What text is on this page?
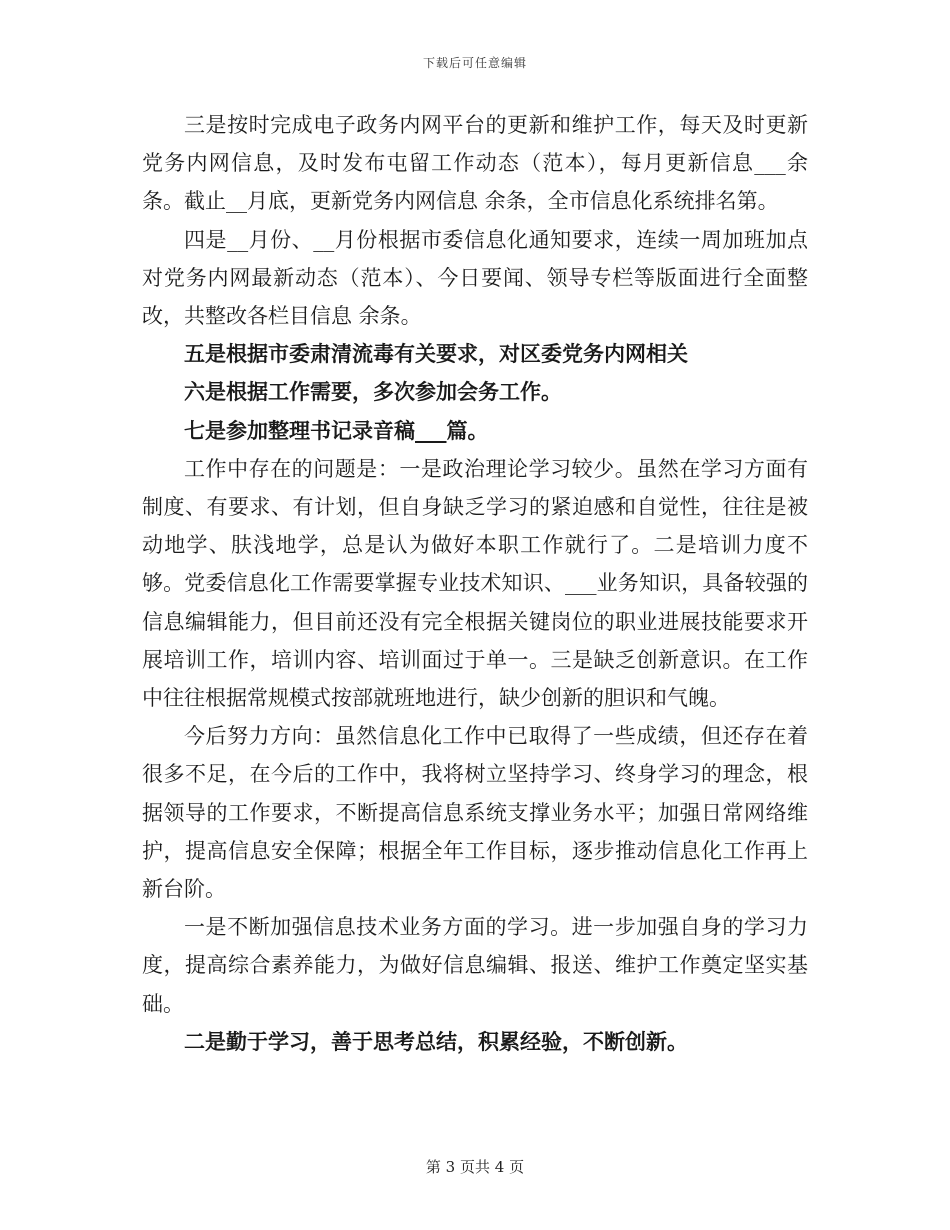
下载后可任意编辑

三是按时完成电子政务内网平台的更新和维护工作，每天及时更新党务内网信息，及时发布屯留工作动态（范本），每月更新信息___余条。截止__月底，更新党务内网信息 余条，全市信息化系统排名第。

四是__月份、__月份根据市委信息化通知要求，连续一周加班加点对党务内网最新动态（范本）、今日要闻、领导专栏等版面进行全面整改，共整改各栏目信息 余条。

五是根据市委肃清流毒有关要求，对区委党务内网相关

六是根据工作需要，多次参加会务工作。

七是参加整理书记录音稿___篇。

工作中存在的问题是：一是政治理论学习较少。虽然在学习方面有制度、有要求、有计划，但自身缺乏学习的紧迫感和自觉性，往往是被动地学、肤浅地学，总是认为做好本职工作就行了。二是培训力度不够。党委信息化工作需要掌握专业技术知识、___业务知识，具备较强的信息编辑能力，但目前还没有完全根据关键岗位的职业进展技能要求开展培训工作，培训内容、培训面过于单一。三是缺乏创新意识。在工作中往往根据常规模式按部就班地进行，缺少创新的胆识和气魄。

今后努力方向：虽然信息化工作中已取得了一些成绩，但还存在着很多不足，在今后的工作中，我将树立坚持学习、终身学习的理念，根据领导的工作要求，不断提高信息系统支撑业务水平；加强日常网络维护，提高信息安全保障；根据全年工作目标，逐步推动信息化工作再上新台阶。

一是不断加强信息技术业务方面的学习。进一步加强自身的学习力度，提高综合素养能力，为做好信息编辑、报送、维护工作奠定坚实基础。

二是勤于学习，善于思考总结，积累经验，不断创新。

第 3 页共 4 页
